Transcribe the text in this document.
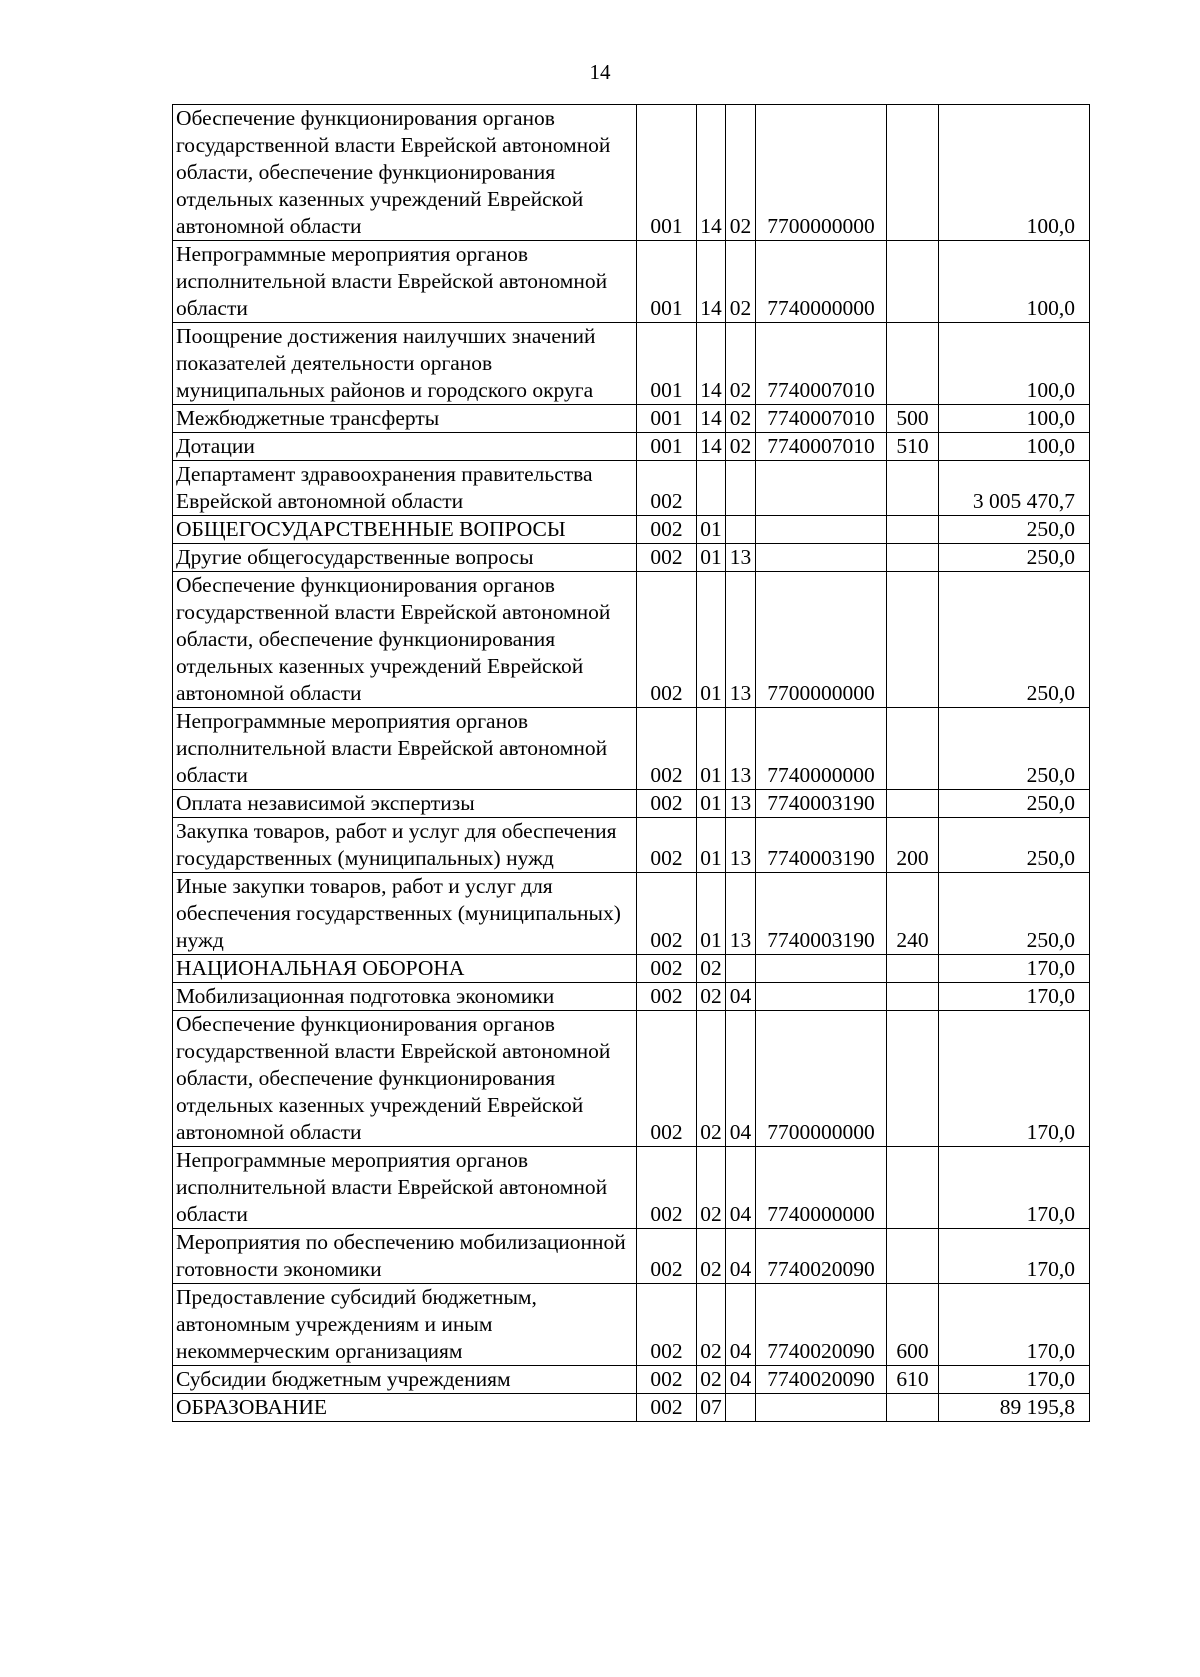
14
Обеспечение функционирования органов государственной власти Еврейской автономной области, обеспечение функционирования отдельных казенных учреждений Еврейской автономной области	001	14	02	7700000000		100,0
Непрограммные мероприятия органов исполнительной власти Еврейской автономной области	001	14	02	7740000000		100,0
Поощрение достижения наилучших значений показателей деятельности органов муниципальных районов и городского округа	001	14	02	7740007010		100,0
Межбюджетные трансферты	001	14	02	7740007010	500	100,0
Дотации	001	14	02	7740007010	510	100,0
Департамент здравоохранения правительства Еврейской автономной области	002					3 005 470,7
ОБЩЕГОСУДАРСТВЕННЫЕ ВОПРОСЫ	002	01				250,0
Другие общегосударственные вопросы	002	01	13			250,0
Обеспечение функционирования органов государственной власти Еврейской автономной области, обеспечение функционирования отдельных казенных учреждений Еврейской автономной области	002	01	13	7700000000		250,0
Непрограммные мероприятия органов исполнительной власти Еврейской автономной области	002	01	13	7740000000		250,0
Оплата независимой экспертизы	002	01	13	7740003190		250,0
Закупка товаров, работ и услуг для обеспечения государственных (муниципальных) нужд	002	01	13	7740003190	200	250,0
Иные закупки товаров, работ и услуг для обеспечения государственных (муниципальных) нужд	002	01	13	7740003190	240	250,0
НАЦИОНАЛЬНАЯ ОБОРОНА	002	02				170,0
Мобилизационная подготовка экономики	002	02	04			170,0
Обеспечение функционирования органов государственной власти Еврейской автономной области, обеспечение функционирования отдельных казенных учреждений Еврейской автономной области	002	02	04	7700000000		170,0
Непрограммные мероприятия органов исполнительной власти Еврейской автономной области	002	02	04	7740000000		170,0
Мероприятия по обеспечению мобилизационной готовности экономики	002	02	04	7740020090		170,0
Предоставление субсидий бюджетным, автономным учреждениям и иным некоммерческим организациям	002	02	04	7740020090	600	170,0
Субсидии бюджетным учреждениям	002	02	04	7740020090	610	170,0
ОБРАЗОВАНИЕ	002	07				89 195,8
